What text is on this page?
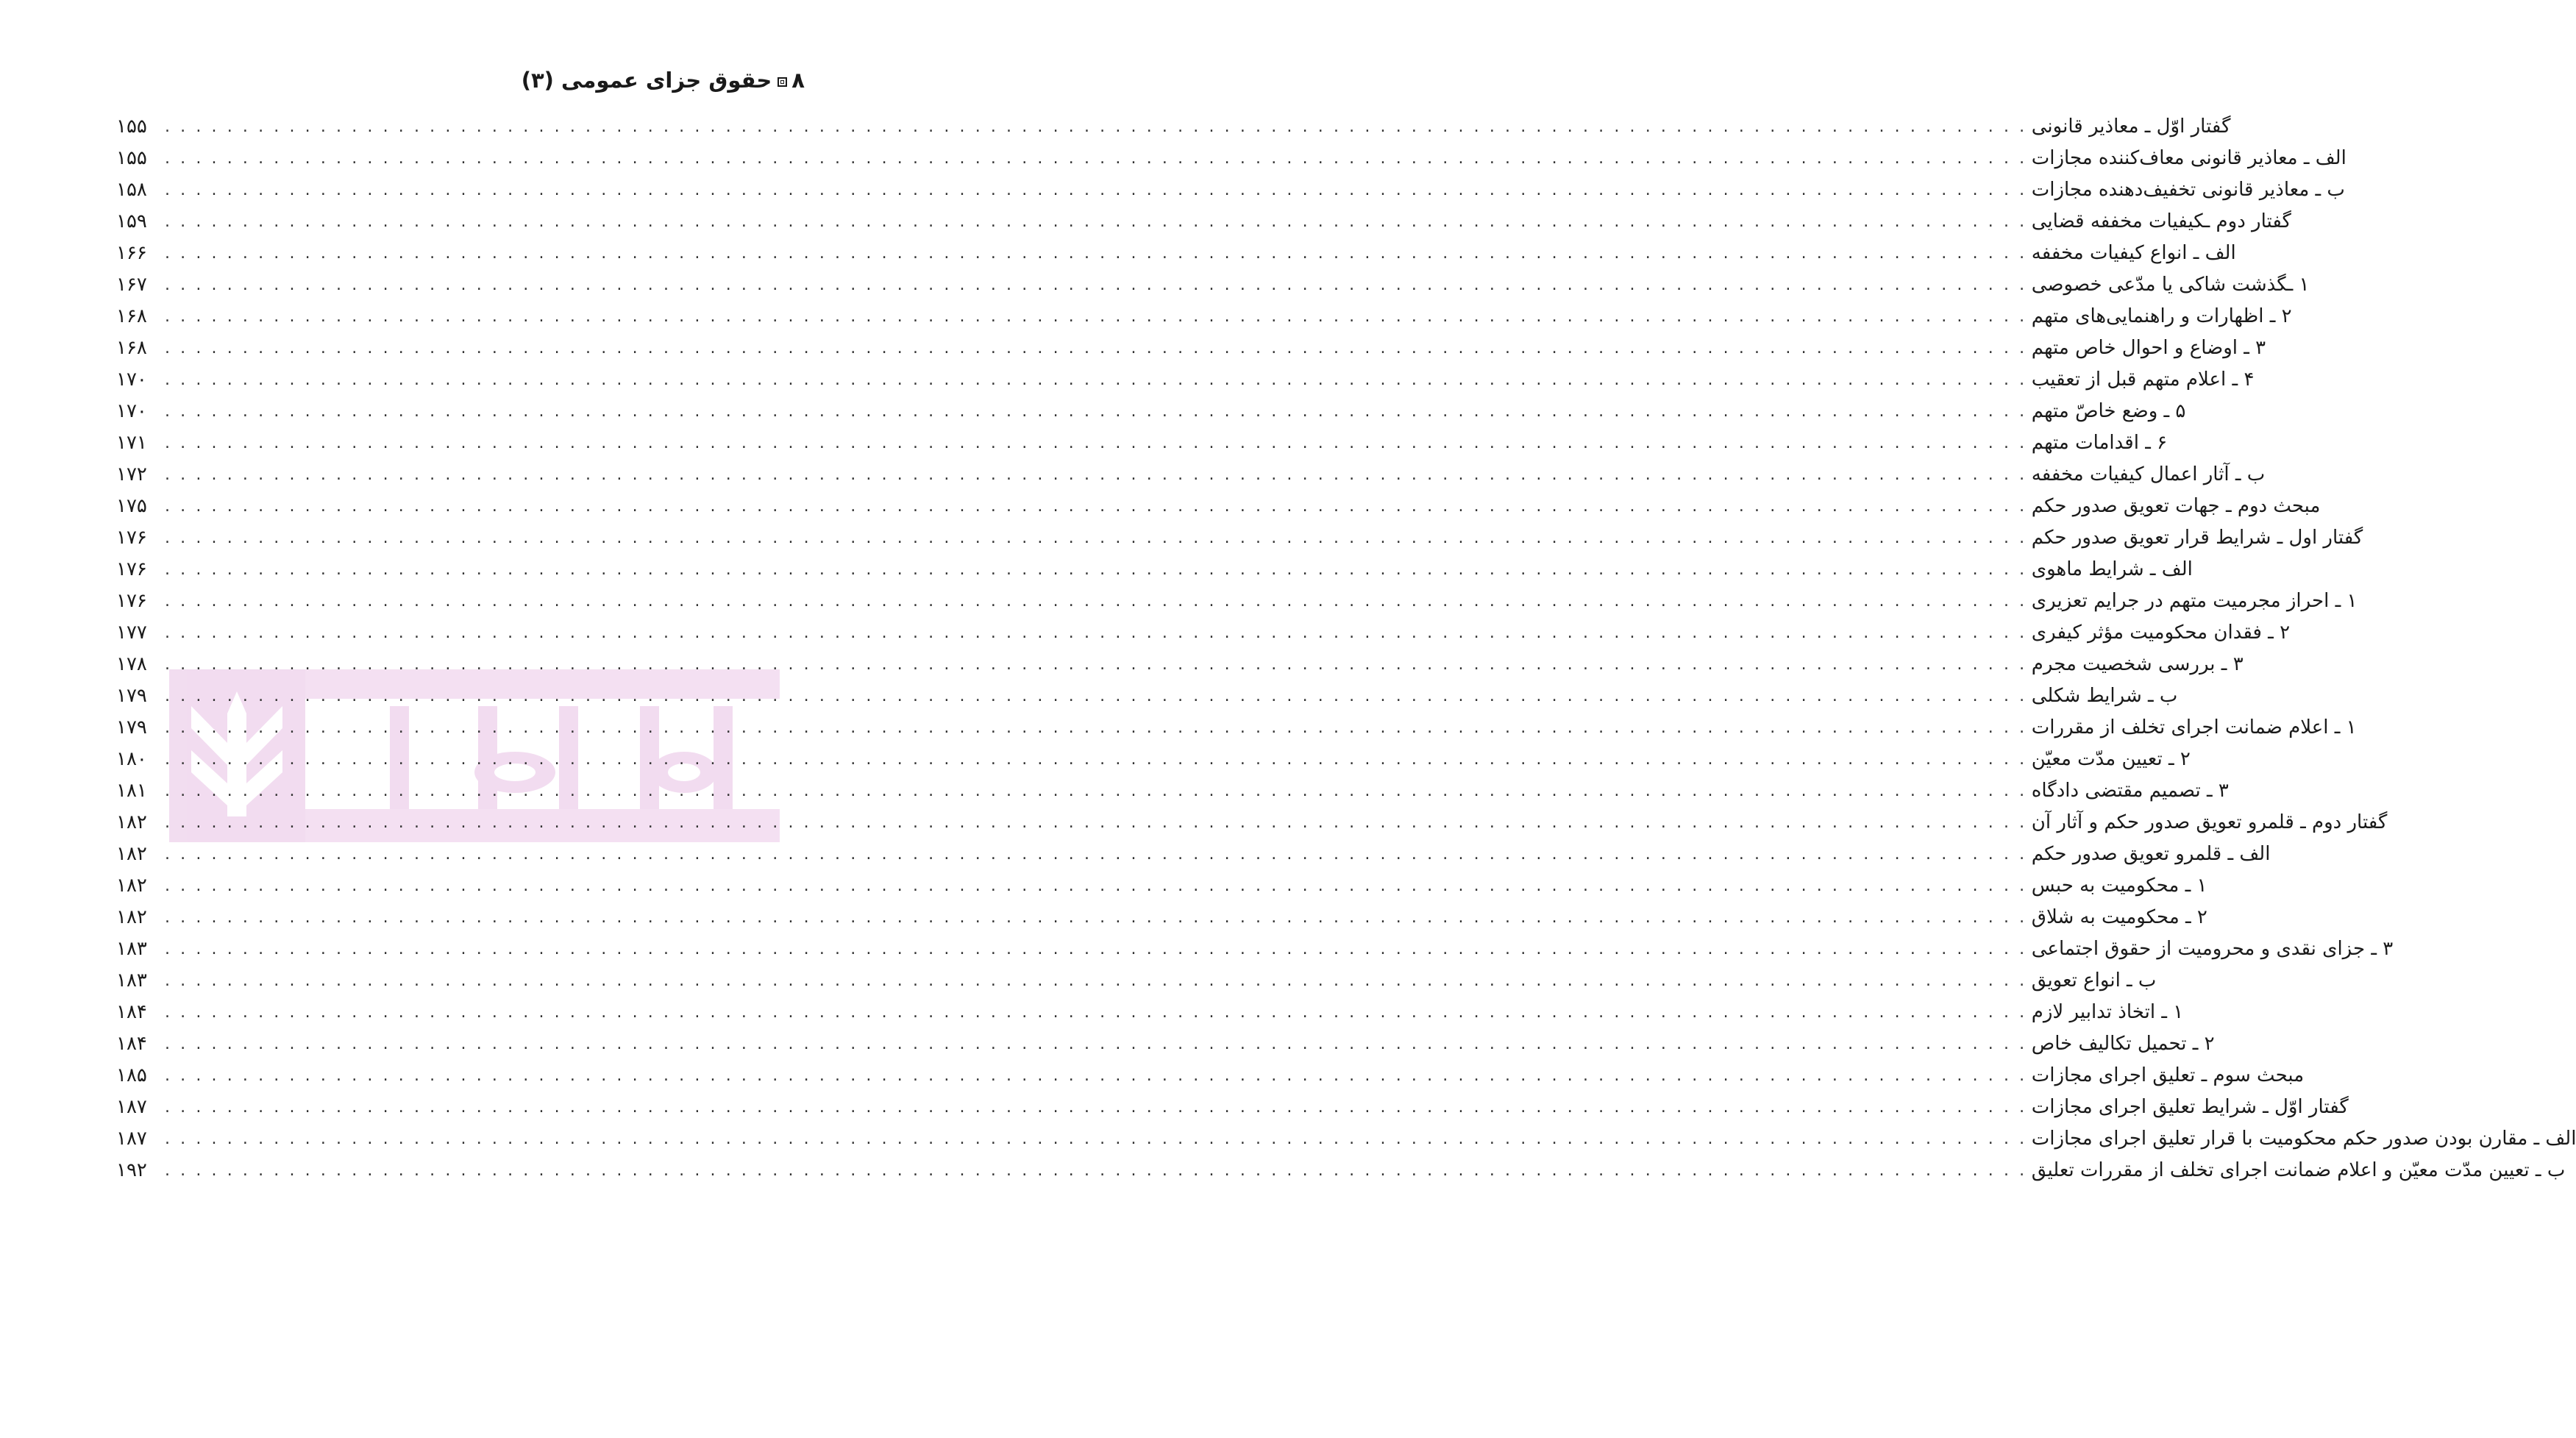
۸حقوق جزای عمومی (۳)
۱۵۵	. . . . . . . . . . . . . . . . . . . . . . . . . . . . . . . . . . . . . . . . . . . . . . . . . . . . . . . . . . . . . . . . . . . . . . . . . . . . . . . . . . . . . . . . . . . . . . . . . . . . . . . . . . . . . . . . . . . . . . . . گفتار اوّل ـ معاذیر قانونی
۱۵۵	. . . . . . . . . . . . . . . . . . . . . . . . . . . . . . . . . . . . . . . . . . . . . . . . . . . . . . . . . . . . . . . . . . . . . . . . . . . . . . . . . . . . . . . . . . . . . . . . . . . . . . . . . . . . . . . . . . . . . . . . الف ـ معاذیر قانونی معاف‌کننده مجازات
۱۵۸	. . . . . . . . . . . . . . . . . . . . . . . . . . . . . . . . . . . . . . . . . . . . . . . . . . . . . . . . . . . . . . . . . . . . . . . . . . . . . . . . . . . . . . . . . . . . . . . . . . . . . . . . . . . . . . . . . . . . . . . . ب ـ معاذیر قانونی تخفیف‌دهنده مجازات
۱۵۹	. . . . . . . . . . . . . . . . . . . . . . . . . . . . . . . . . . . . . . . . . . . . . . . . . . . . . . . . . . . . . . . . . . . . . . . . . . . . . . . . . . . . . . . . . . . . . . . . . . . . . . . . . . . . . . . . . . . . . . . . گفتار دوم ـکیفیات مخففه قضایی
۱۶۶	. . . . . . . . . . . . . . . . . . . . . . . . . . . . . . . . . . . . . . . . . . . . . . . . . . . . . . . . . . . . . . . . . . . . . . . . . . . . . . . . . . . . . . . . . . . . . . . . . . . . . . . . . . . . . . . . . . . . . . . . الف ـ انواع کیفیات مخففه
۱۶۷	. . . . . . . . . . . . . . . . . . . . . . . . . . . . . . . . . . . . . . . . . . . . . . . . . . . . . . . . . . . . . . . . . . . . . . . . . . . . . . . . . . . . . . . . . . . . . . . . . . . . . . . . . . . . . . . . . . . . . . . . ۱ ـگذشت شاکی یا مدّعی خصوصی
۱۶۸	. . . . . . . . . . . . . . . . . . . . . . . . . . . . . . . . . . . . . . . . . . . . . . . . . . . . . . . . . . . . . . . . . . . . . . . . . . . . . . . . . . . . . . . . . . . . . . . . . . . . . . . . . . . . . . . . . . . . . . . . ۲ ـ اظهارات و راهنمایی‌های متهم
۱۶۸	. . . . . . . . . . . . . . . . . . . . . . . . . . . . . . . . . . . . . . . . . . . . . . . . . . . . . . . . . . . . . . . . . . . . . . . . . . . . . . . . . . . . . . . . . . . . . . . . . . . . . . . . . . . . . . . . . . . . . . . . ۳ ـ اوضاع و احوال خاص متهم
۱۷۰	. . . . . . . . . . . . . . . . . . . . . . . . . . . . . . . . . . . . . . . . . . . . . . . . . . . . . . . . . . . . . . . . . . . . . . . . . . . . . . . . . . . . . . . . . . . . . . . . . . . . . . . . . . . . . . . . . . . . . . . . ۴ ـ اعلام متهم قبل از تعقیب
۱۷۰	. . . . . . . . . . . . . . . . . . . . . . . . . . . . . . . . . . . . . . . . . . . . . . . . . . . . . . . . . . . . . . . . . . . . . . . . . . . . . . . . . . . . . . . . . . . . . . . . . . . . . . . . . . . . . . . . . . . . . . . . ۵ ـ وضع خاصّ متهم
۱۷۱	. . . . . . . . . . . . . . . . . . . . . . . . . . . . . . . . . . . . . . . . . . . . . . . . . . . . . . . . . . . . . . . . . . . . . . . . . . . . . . . . . . . . . . . . . . . . . . . . . . . . . . . . . . . . . . . . . . . . . . . . ۶ ـ اقدامات متهم
۱۷۲	. . . . . . . . . . . . . . . . . . . . . . . . . . . . . . . . . . . . . . . . . . . . . . . . . . . . . . . . . . . . . . . . . . . . . . . . . . . . . . . . . . . . . . . . . . . . . . . . . . . . . . . . . . . . . . . . . . . . . . . . ب ـ آثار اعمال کیفیات مخففه
۱۷۵	. . . . . . . . . . . . . . . . . . . . . . . . . . . . . . . . . . . . . . . . . . . . . . . . . . . . . . . . . . . . . . . . . . . . . . . . . . . . . . . . . . . . . . . . . . . . . . . . . . . . . . . . . . . . . . . . . . . . . . . . مبحث دوم ـ جهات تعویق صدور حکم
۱۷۶	. . . . . . . . . . . . . . . . . . . . . . . . . . . . . . . . . . . . . . . . . . . . . . . . . . . . . . . . . . . . . . . . . . . . . . . . . . . . . . . . . . . . . . . . . . . . . . . . . . . . . . . . . . . . . . . . . . . . . . . . گفتار اول ـ شرایط قرار تعویق صدور حکم
۱۷۶	. . . . . . . . . . . . . . . . . . . . . . . . . . . . . . . . . . . . . . . . . . . . . . . . . . . . . . . . . . . . . . . . . . . . . . . . . . . . . . . . . . . . . . . . . . . . . . . . . . . . . . . . . . . . . . . . . . . . . . . . الف ـ شرایط ماهوی
۱۷۶	. . . . . . . . . . . . . . . . . . . . . . . . . . . . . . . . . . . . . . . . . . . . . . . . . . . . . . . . . . . . . . . . . . . . . . . . . . . . . . . . . . . . . . . . . . . . . . . . . . . . . . . . . . . . . . . . . . . . . . . . ۱ ـ احراز مجرمیت متهم در جرایم تعزیری
۱۷۷	. . . . . . . . . . . . . . . . . . . . . . . . . . . . . . . . . . . . . . . . . . . . . . . . . . . . . . . . . . . . . . . . . . . . . . . . . . . . . . . . . . . . . . . . . . . . . . . . . . . . . . . . . . . . . . . . . . . . . . . . ۲ ـ فقدان محکومیت مؤثر کیفری
۱۷۸	. . . . . . . . . . . . . . . . . . . . . . . . . . . . . . . . . . . . . . . . . . . . . . . . . . . . . . . . . . . . . . . . . . . . . . . . . . . . . . . . . . . . . . . . . . . . . . . . . . . . . . . . . . . . . . . . . . . . . . . . ۳ ـ بررسی شخصیت مجرم
۱۷۹	. . . . . . . . . . . . . . . . . . . . . . . . . . . . . . . . . . . . . . . . . . . . . . . . . . . . . . . . . . . . . . . . . . . . . . . . . . . . . . . . . . . . . . . . . . . . . . . . . . . . . . . . . . . . . . . . . . . . . . . . ب ـ شرایط شکلی
۱۷۹	. . . . . . . . . . . . . . . . . . . . . . . . . . . . . . . . . . . . . . . . . . . . . . . . . . . . . . . . . . . . . . . . . . . . . . . . . . . . . . . . . . . . . . . . . . . . . . . . . . . . . . . . . . . . . . . . . . . . . . . . ۱ ـ اعلام ضمانت اجرای تخلف از مقررات
۱۸۰	. . . . . . . . . . . . . . . . . . . . . . . . . . . . . . . . . . . . . . . . . . . . . . . . . . . . . . . . . . . . . . . . . . . . . . . . . . . . . . . . . . . . . . . . . . . . . . . . . . . . . . . . . . . . . . . . . . . . . . . . ۲ ـ تعیین مدّت معیّن
۱۸۱	. . . . . . . . . . . . . . . . . . . . . . . . . . . . . . . . . . . . . . . . . . . . . . . . . . . . . . . . . . . . . . . . . . . . . . . . . . . . . . . . . . . . . . . . . . . . . . . . . . . . . . . . . . . . . . . . . . . . . . . . ۳ ـ تصمیم مقتضی دادگاه
۱۸۲	. . . . . . . . . . . . . . . . . . . . . . . . . . . . . . . . . . . . . . . . . . . . . . . . . . . . . . . . . . . . . . . . . . . . . . . . . . . . . . . . . . . . . . . . . . . . . . . . . . . . . . . . . . . . . . . . . . . . . . . . گفتار دوم ـ قلمرو تعویق صدور حکم و آثار آن
۱۸۲	. . . . . . . . . . . . . . . . . . . . . . . . . . . . . . . . . . . . . . . . . . . . . . . . . . . . . . . . . . . . . . . . . . . . . . . . . . . . . . . . . . . . . . . . . . . . . . . . . . . . . . . . . . . . . . . . . . . . . . . . الف ـ قلمرو تعویق صدور حکم
۱۸۲	. . . . . . . . . . . . . . . . . . . . . . . . . . . . . . . . . . . . . . . . . . . . . . . . . . . . . . . . . . . . . . . . . . . . . . . . . . . . . . . . . . . . . . . . . . . . . . . . . . . . . . . . . . . . . . . . . . . . . . . . ۱ ـ محکومیت به حبس
۱۸۲	. . . . . . . . . . . . . . . . . . . . . . . . . . . . . . . . . . . . . . . . . . . . . . . . . . . . . . . . . . . . . . . . . . . . . . . . . . . . . . . . . . . . . . . . . . . . . . . . . . . . . . . . . . . . . . . . . . . . . . . . ۲ ـ محکومیت به شلاق
۱۸۳	. . . . . . . . . . . . . . . . . . . . . . . . . . . . . . . . . . . . . . . . . . . . . . . . . . . . . . . . . . . . . . . . . . . . . . . . . . . . . . . . . . . . . . . . . . . . . . . . . . . . . . . . . . . . . . . . . . . . . . . . ۳ ـ جزای نقدی و محرومیت از حقوق اجتماعی
۱۸۳	. . . . . . . . . . . . . . . . . . . . . . . . . . . . . . . . . . . . . . . . . . . . . . . . . . . . . . . . . . . . . . . . . . . . . . . . . . . . . . . . . . . . . . . . . . . . . . . . . . . . . . . . . . . . . . . . . . . . . . . . ب ـ انواع تعویق
۱۸۴	. . . . . . . . . . . . . . . . . . . . . . . . . . . . . . . . . . . . . . . . . . . . . . . . . . . . . . . . . . . . . . . . . . . . . . . . . . . . . . . . . . . . . . . . . . . . . . . . . . . . . . . . . . . . . . . . . . . . . . . . ۱ ـ اتخاذ تدابیر لازم
۱۸۴	. . . . . . . . . . . . . . . . . . . . . . . . . . . . . . . . . . . . . . . . . . . . . . . . . . . . . . . . . . . . . . . . . . . . . . . . . . . . . . . . . . . . . . . . . . . . . . . . . . . . . . . . . . . . . . . . . . . . . . . . ۲ ـ تحمیل تکالیف خاص
۱۸۵	. . . . . . . . . . . . . . . . . . . . . . . . . . . . . . . . . . . . . . . . . . . . . . . . . . . . . . . . . . . . . . . . . . . . . . . . . . . . . . . . . . . . . . . . . . . . . . . . . . . . . . . . . . . . . . . . . . . . . . . . مبحث سوم ـ تعلیق اجرای مجازات
۱۸۷	. . . . . . . . . . . . . . . . . . . . . . . . . . . . . . . . . . . . . . . . . . . . . . . . . . . . . . . . . . . . . . . . . . . . . . . . . . . . . . . . . . . . . . . . . . . . . . . . . . . . . . . . . . . . . . . . . . . . . . . . گفتار اوّل ـ شرایط تعلیق اجرای مجازات
۱۸۷	. . . . . . . . . . . . . . . . . . . . . . . . . . . . . . . . . . . . . . . . . . . . . . . . . . . . . . . . . . . . . . . . . . . . . . . . . . . . . . . . . . . . . . . . . . . . . . . . . . . . . . . . . . . . . . . . . . . . . . . . الف ـ مقارن بودن صدور حکم محکومیت با قرار تعلیق اجرای مجازات
۱۹۲	. . . . . . . . . . . . . . . . . . . . . . . . . . . . . . . . . . . . . . . . . . . . . . . . . . . . . . . . . . . . . . . . . . . . . . . . . . . . . . . . . . . . . . . . . . . . . . . . . . . . . . . . . . . . . . . . . . . . . . . . ب ـ تعیین مدّت معیّن و اعلام ضمانت اجرای تخلف از مقررات تعلیق
